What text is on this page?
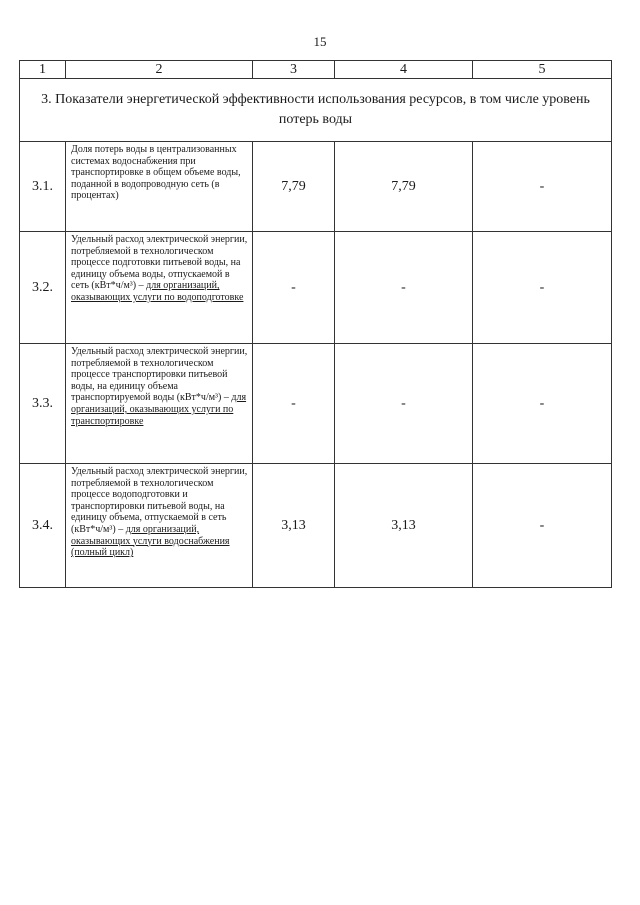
15
1	2	3	4	5
3. Показатели энергетической эффективности использования ресурсов, в том числе уровень потерь воды				
3.1.	Доля потерь воды в централизованных системах водоснабжения при транспортировке в общем объеме воды, поданной в водопроводную сеть (в процентах)	7,79	7,79	-
3.2.	Удельный расход электрической энергии, потребляемой в технологическом процессе подготовки питьевой воды, на единицу объема воды, отпускаемой в сеть (кВт*ч/м³) – для организаций, оказывающих услуги по водоподготовке	-	-	-
3.3.	Удельный расход электрической энергии, потребляемой в технологическом процессе транспортировки питьевой воды, на единицу объема транспортируемой воды (кВт*ч/м³) – для организаций, оказывающих услуги по транспортировке	-	-	-
3.4.	Удельный расход электрической энергии, потребляемой в технологическом процессе водоподготовки и транспортировки питьевой воды, на единицу объема, отпускаемой в сеть (кВт*ч/м³) – для организаций, оказывающих услуги водоснабжения (полный цикл)	3,13	3,13	-
